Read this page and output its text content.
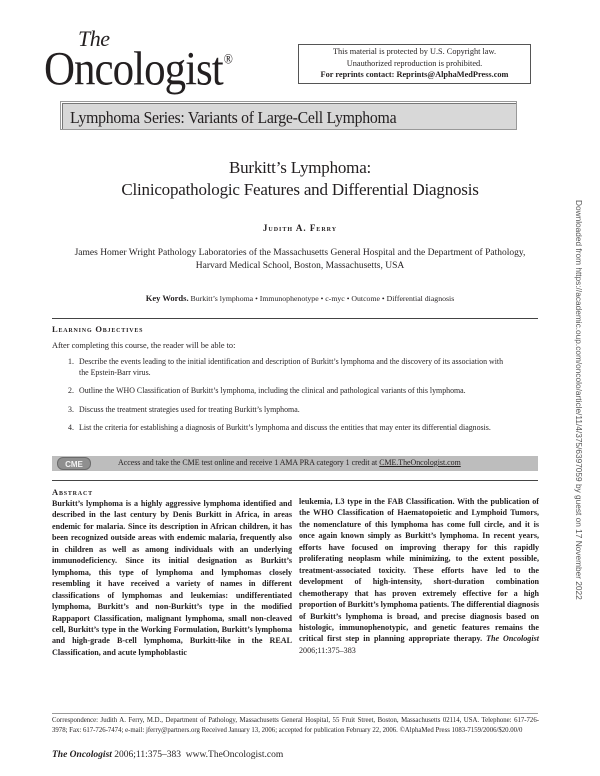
The
Oncologist®	This material is protected by U.S. Copyright law.
Unauthorized reproduction is prohibited.
For reprints contact: Reprints@AlphaMedPress.com
Lymphoma Series: Variants of Large-Cell Lymphoma
Burkitt’s Lymphoma:
Clinicopathologic Features and Differential Diagnosis
Judith A. Ferry
James Homer Wright Pathology Laboratories of the Massachusetts General Hospital and the Department of Pathology, Harvard Medical School, Boston, Massachusetts, USA
Key Words. Burkitt’s lymphoma • Immunophenotype • c-myc • Outcome • Differential diagnosis
Learning Objectives
After completing this course, the reader will be able to:
1. Describe the events leading to the initial identification and description of Burkitt’s lymphoma and the discovery of its association with the Epstein-Barr virus.
2. Outline the WHO Classification of Burkitt’s lymphoma, including the clinical and pathological variants of this lymphoma.
3. Discuss the treatment strategies used for treating Burkitt’s lymphoma.
4. List the criteria for establishing a diagnosis of Burkitt’s lymphoma and discuss the entities that may enter its differential diagnosis.
CME	Access and take the CME test online and receive 1 AMA PRA category 1 credit at CME.TheOncologist.com
Abstract
Burkitt’s lymphoma is a highly aggressive lymphoma identified and described in the last century by Denis Burkitt in Africa, in areas endemic for malaria. Since its description in African children, it has been recognized outside areas with endemic malaria, frequently also in children as well as among individuals with an underlying immunodeficiency. Since its initial designation as Burkitt’s lymphoma, this type of lymphoma and lymphomas closely resembling it have received a variety of names in different classifications of lymphomas and leukemias: undifferentiated lymphoma, Burkitt’s and non-Burkitt’s type in the modified Rappaport Classification, malignant lymphoma, small non-cleaved cell, Burkitt’s type in the Working Formulation, Burkitt’s lymphoma and high-grade B-cell lymphoma, Burkitt-like in the REAL Classification, and acute lymphoblastic
leukemia, L3 type in the FAB Classification. With the publication of the WHO Classification of Haematopoietic and Lymphoid Tumors, the nomenclature of this lymphoma has come full circle, and it is once again known simply as Burkitt’s lymphoma. In recent years, efforts have focused on improving therapy for this rapidly proliferating neoplasm while minimizing, to the extent possible, treatment-associated toxicity. These efforts have led to the development of high-intensity, short-duration combination chemotherapy that has proven extremely effective for a high proportion of Burkitt’s lymphoma patients. The differential diagnosis of Burkitt’s lymphoma is broad, and precise diagnosis based on histologic, immunophenotypic, and genetic features remains the critical first step in planning appropriate therapy. The Oncologist 2006;11:375–383
Correspondence: Judith A. Ferry, M.D., Department of Pathology, Massachusetts General Hospital, 55 Fruit Street, Boston, Massachusetts 02114, USA. Telephone: 617-726-3978; Fax: 617-726-7474; e-mail: jferry@partners.org Received January 13, 2006; accepted for publication February 22, 2006. ©AlphaMed Press 1083-7159/2006/$20.00/0
The Oncologist 2006;11:375–383 www.TheOncologist.com
Downloaded from https://academic.oup.com/oncolo/article/11/4/375/6397059 by guest on 17 November 2022
